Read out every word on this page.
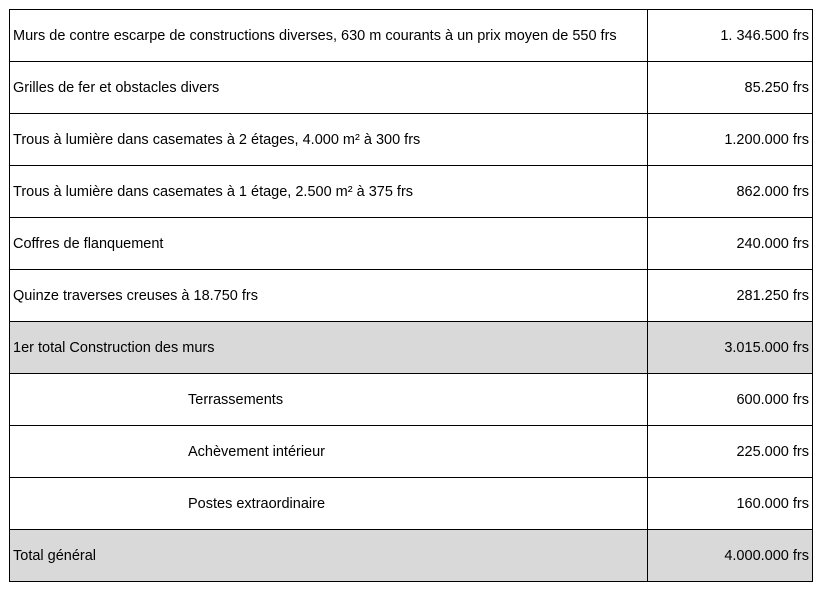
Murs de contre escarpe de constructions diverses, 630 m courants à un prix moyen de 550 frs	1. 346.500 frs
Grilles de fer et obstacles divers	85.250 frs
Trous à lumière dans casemates à 2 étages, 4.000 m² à 300 frs	1.200.000 frs
Trous à lumière dans casemates à 1 étage, 2.500 m² à 375 frs	862.000 frs
Coffres de flanquement	240.000 frs
Quinze traverses creuses à 18.750 frs	281.250 frs
1er total Construction des murs	3.015.000 frs
Terrassements	600.000 frs
Achèvement intérieur	225.000 frs
Postes extraordinaire	160.000 frs
Total général	4.000.000 frs
